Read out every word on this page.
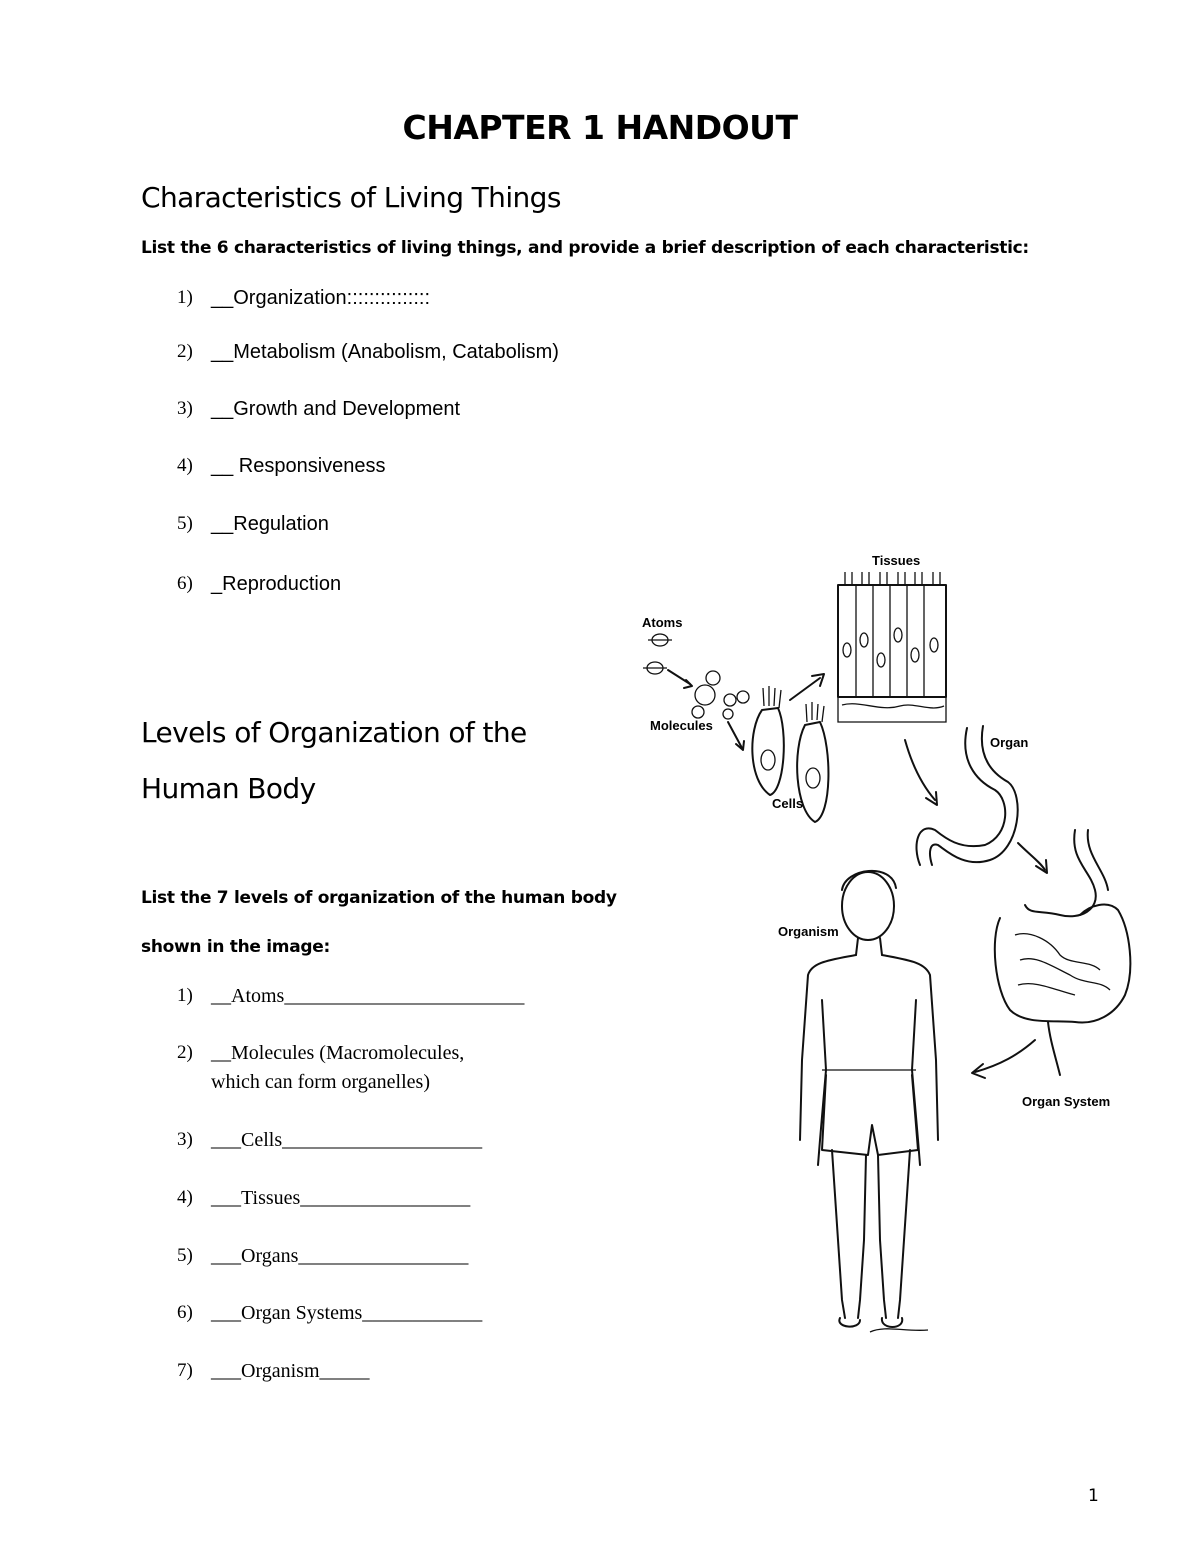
CHAPTER 1 HANDOUT
Characteristics of Living Things
List the 6 characteristics of living things, and provide a brief description of each characteristic:
1) __Organization:::::::::::::::
2) __Metabolism (Anabolism, Catabolism)
3) __Growth and Development
4) __ Responsiveness
5) __Regulation
6) _Reproduction
Levels of Organization of the
Human Body
List the 7 levels of organization of the human body
shown in the image:
1) __Atoms________________________
2) __Molecules (Macromolecules,
which can form organelles)
3) ___Cells____________________
4) ___Tissues_________________
5) ___Organs_________________
6) ___Organ Systems____________
7) ___Organism_____
Atoms
Molecules
Cells
Tissues
Organ
Organism
Organ System
1
